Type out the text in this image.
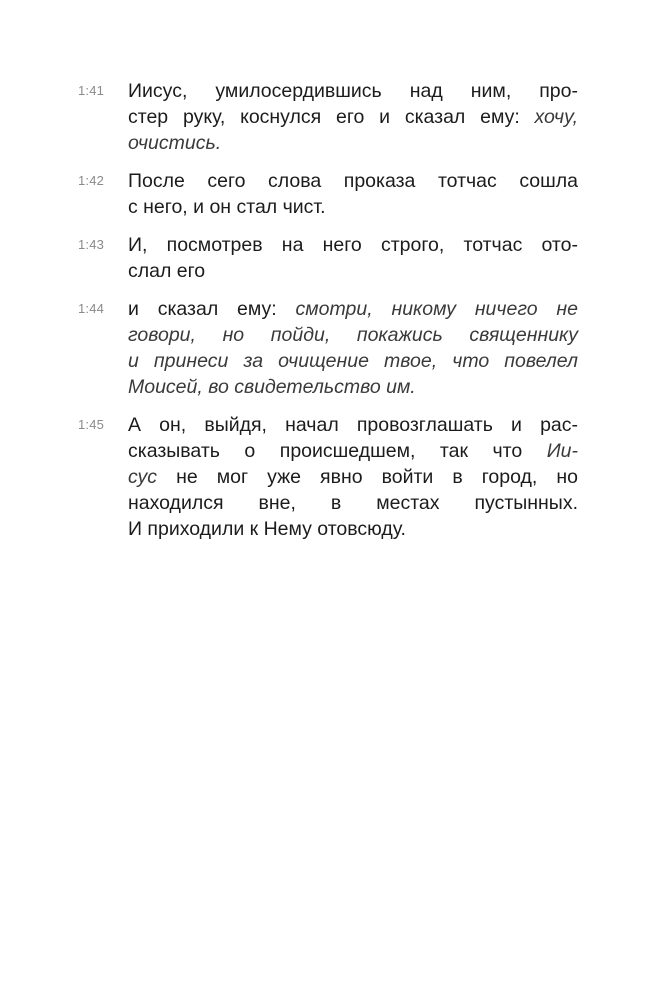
1:41	Иисус, умилосердившись над ним, про-
стер руку, коснулся его и сказал ему: хочу,
очистись.
1:42	После сего слова проказа тотчас сошла
с него, и он стал чист.
1:43	И, посмотрев на него строго, тотчас ото-
слал его
1:44	и сказал ему: смотри, никому ничего не
говори, но пойди, покажись священнику
и принеси за очищение твое, что повелел
Моисей, во свидетельство им.
1:45	А он, выйдя, начал провозглашать и рас-
сказывать о происшедшем, так что Ии-
сус не мог уже явно войти в город, но
находился вне, в местах пустынных.
И приходили к Нему отовсюду.
